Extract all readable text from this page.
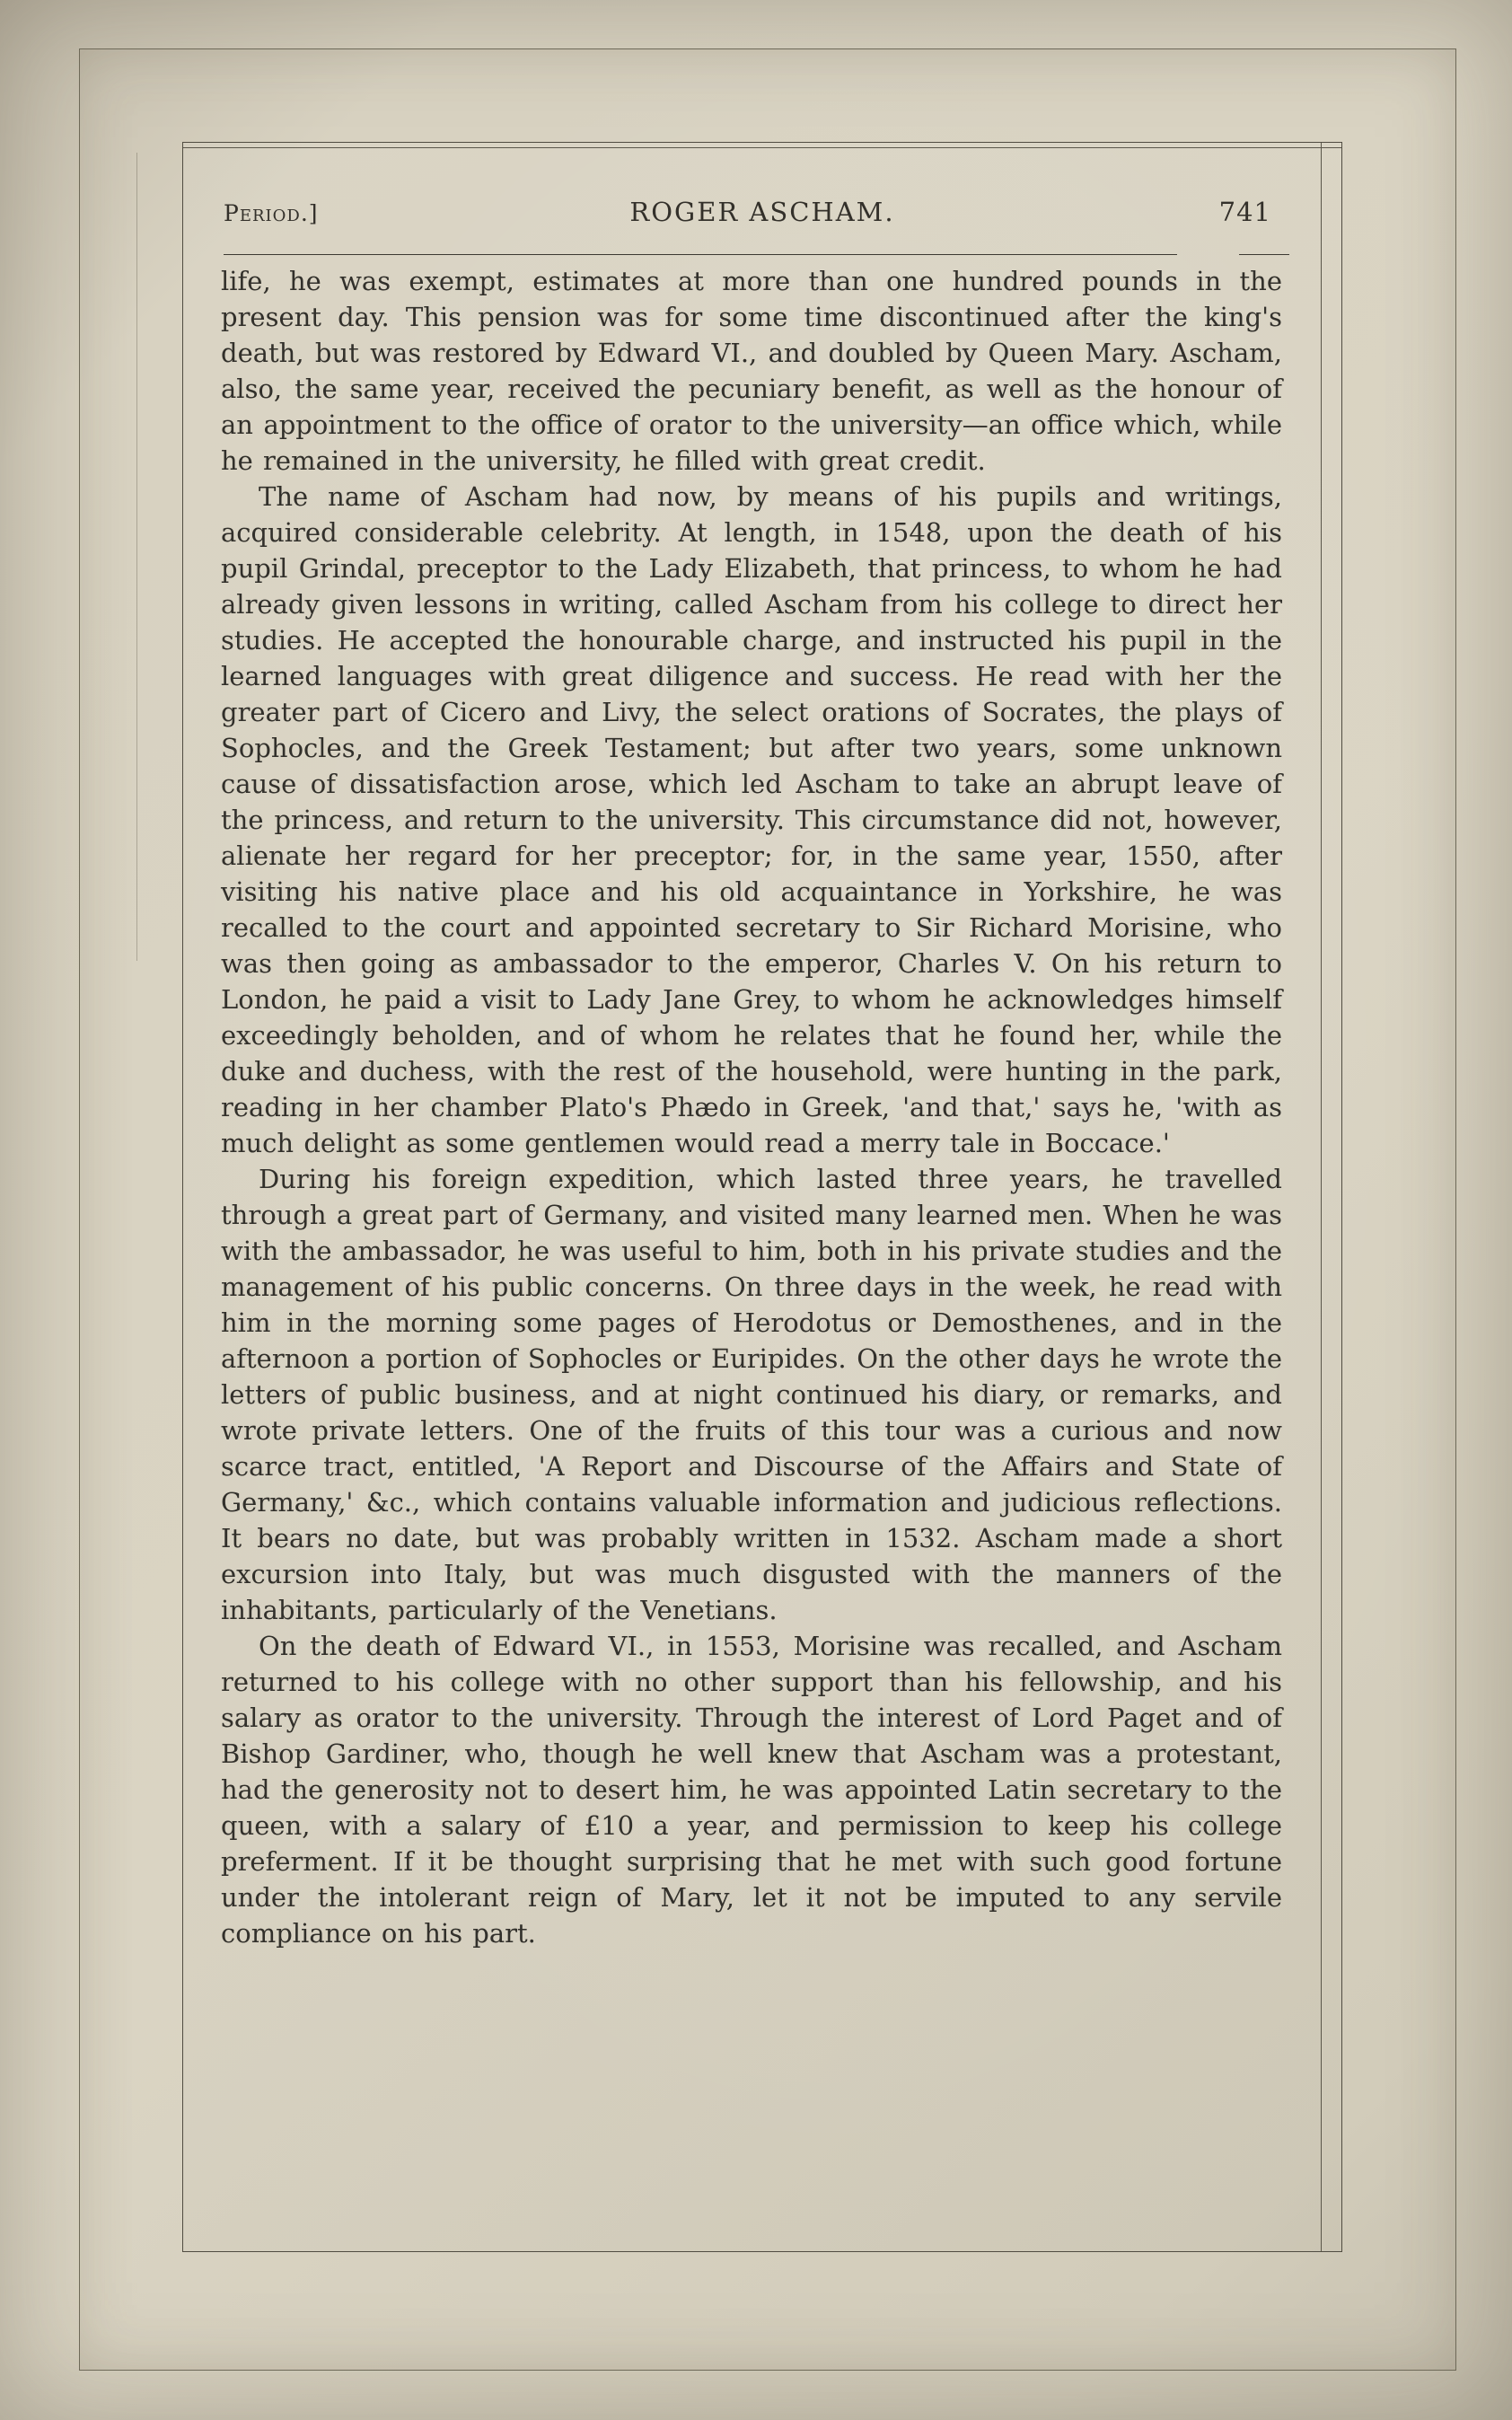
Period.]	ROGER ASCHAM.	741

life, he was exempt, estimates at more than one hundred pounds in the present day. This pension was for some time discontinued after the king's death, but was restored by Edward VI., and doubled by Queen Mary. Ascham, also, the same year, received the pecuniary benefit, as well as the honour of an appointment to the office of orator to the university—an office which, while he remained in the university, he filled with great credit.

The name of Ascham had now, by means of his pupils and writings, acquired considerable celebrity. At length, in 1548, upon the death of his pupil Grindal, preceptor to the Lady Elizabeth, that princess, to whom he had already given lessons in writing, called Ascham from his college to direct her studies. He accepted the honourable charge, and instructed his pupil in the learned languages with great diligence and success. He read with her the greater part of Cicero and Livy, the select orations of Socrates, the plays of Sophocles, and the Greek Testament; but after two years, some unknown cause of dissatisfaction arose, which led Ascham to take an abrupt leave of the princess, and return to the university. This circumstance did not, however, alienate her regard for her preceptor; for, in the same year, 1550, after visiting his native place and his old acquaintance in Yorkshire, he was recalled to the court and appointed secretary to Sir Richard Morisine, who was then going as ambassador to the emperor, Charles V. On his return to London, he paid a visit to Lady Jane Grey, to whom he acknowledges himself exceedingly beholden, and of whom he relates that he found her, while the duke and duchess, with the rest of the household, were hunting in the park, reading in her chamber Plato's Phædo in Greek, 'and that,' says he, 'with as much delight as some gentlemen would read a merry tale in Boccace.'

During his foreign expedition, which lasted three years, he travelled through a great part of Germany, and visited many learned men. When he was with the ambassador, he was useful to him, both in his private studies and the management of his public concerns. On three days in the week, he read with him in the morning some pages of Herodotus or Demosthenes, and in the afternoon a portion of Sophocles or Euripides. On the other days he wrote the letters of public business, and at night continued his diary, or remarks, and wrote private letters. One of the fruits of this tour was a curious and now scarce tract, entitled, 'A Report and Discourse of the Affairs and State of Germany,' &c., which contains valuable information and judicious reflections. It bears no date, but was probably written in 1532. Ascham made a short excursion into Italy, but was much disgusted with the manners of the inhabitants, particularly of the Venetians.

On the death of Edward VI., in 1553, Morisine was recalled, and Ascham returned to his college with no other support than his fellowship, and his salary as orator to the university. Through the interest of Lord Paget and of Bishop Gardiner, who, though he well knew that Ascham was a protestant, had the generosity not to desert him, he was appointed Latin secretary to the queen, with a salary of £10 a year, and permission to keep his college preferment. If it be thought surprising that he met with such good fortune under the intolerant reign of Mary, let it not be imputed to any servile compliance on his part.
